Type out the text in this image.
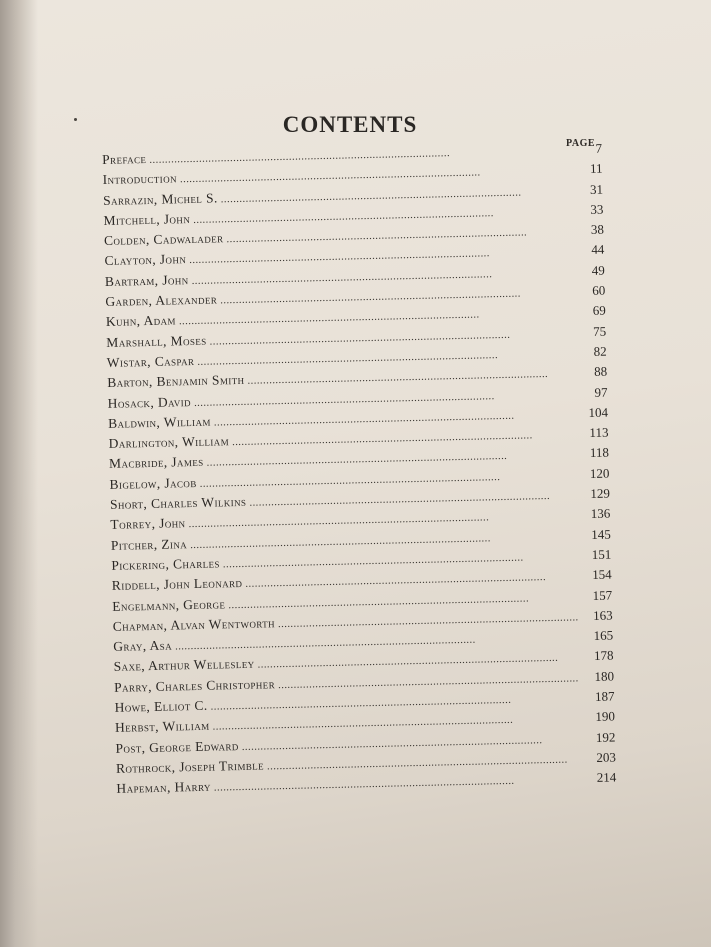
CONTENTS
PAGE
Preface
. . .
7
Introduction
. . .
11
Sarrazin, Michel S.
. . .
31
Mitchell, John
. . .
33
Colden, Cadwalader
. . .
38
Clayton, John
. . .
44
Bartram, John
. . .
49
Garden, Alexander
. . .
60
Kuhn, Adam
. . .
69
Marshall, Moses
. . .
75
Wistar, Caspar
. . .
82
Barton, Benjamin Smith
. . .
88
Hosack, David
. . .
97
Baldwin, William
. . .
104
Darlington, William
. . .
113
Macbride, James
. . .
118
Bigelow, Jacob
. . .
120
Short, Charles Wilkins
. . .
129
Torrey, John
. . .
136
Pitcher, Zina
. . .
145
Pickering, Charles
. . .
151
Riddell, John Leonard
. . .
154
Engelmann, George
. . .
157
Chapman, Alvan Wentworth . . .	163
Gray, Asa
. . .
165
Saxe, Arthur Wellesley
. . .
178
Parry, Charles Christopher . . .	180
Howe, Elliot C.
. . .
187
Herbst, William
. . .
190
Post, George Edward
. . .
192
Rothrock, Joseph Trimble
. . .
203
Hapeman, Harry
. . .
214
